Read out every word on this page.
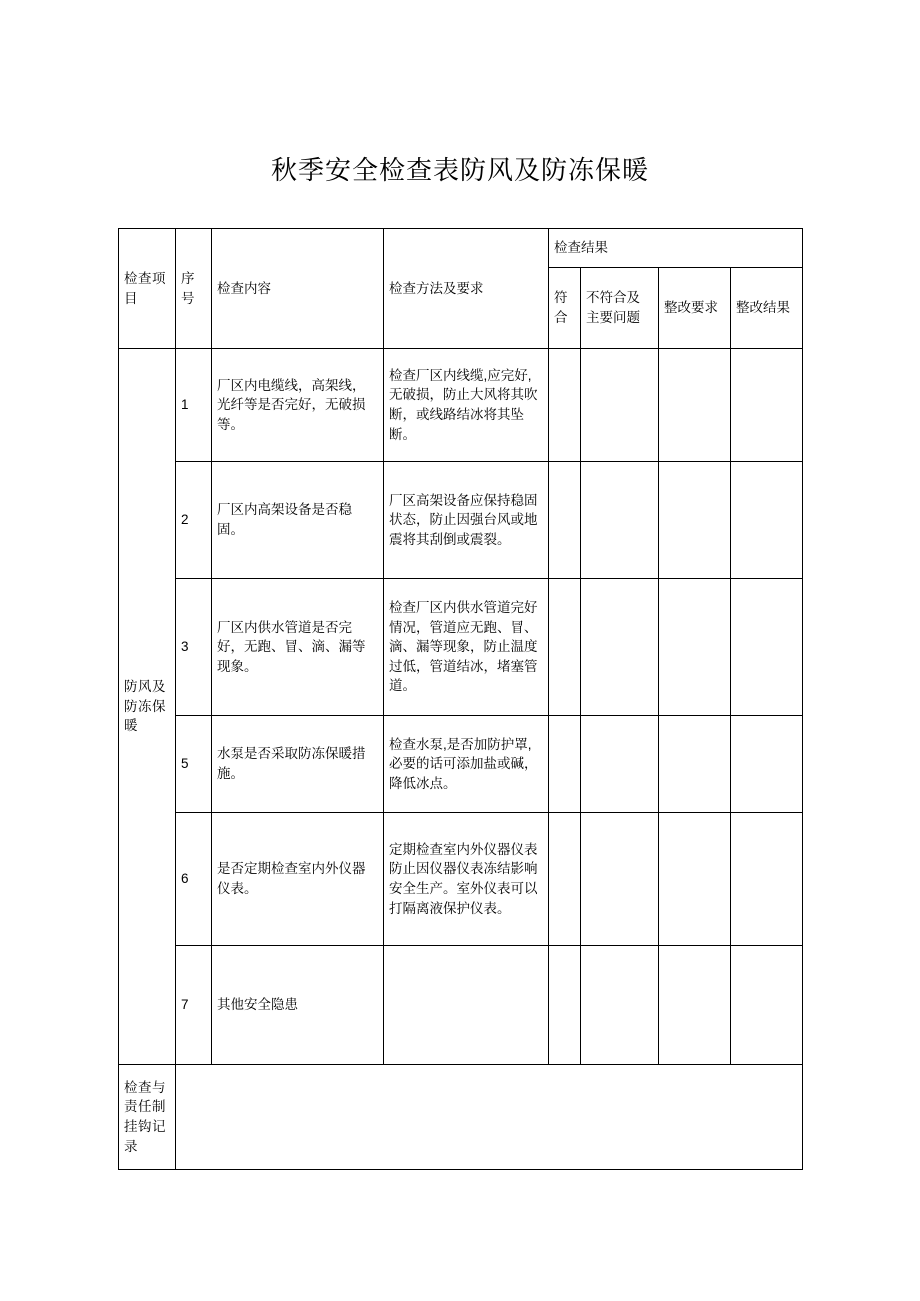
秋季安全检查表防风及防冻保暖
检查项目	序号	检查内容	检查方法及要求	检查结果			
				符合	不符合及主要问题	整改要求	整改结果
防风及防冻保暖	1	厂区内电缆线，高架线，光纤等是否完好，无破损等。	检查厂区内线缆,应完好,无破损，防止大风将其吹断，或线路结冰将其坠断。				
	2	厂区内高架设备是否稳固。	厂区高架设备应保持稳固状态，防止因强台风或地震将其刮倒或震裂。				
	3	厂区内供水管道是否完好，无跑、冒、滴、漏等现象。	检查厂区内供水管道完好情况，管道应无跑、冒、滴、漏等现象，防止温度过低，管道结冰，堵塞管道。				
	5	水泵是否采取防冻保暖措施。	检查水泵,是否加防护罩,必要的话可添加盐或碱，降低冰点。				
	6	是否定期检查室内外仪器仪表。	定期检查室内外仪器仪表防止因仪器仪表冻结影响安全生产。室外仪表可以打隔离液保护仪表。				
	7	其他安全隐患					
检查与责任制挂钩记录							
